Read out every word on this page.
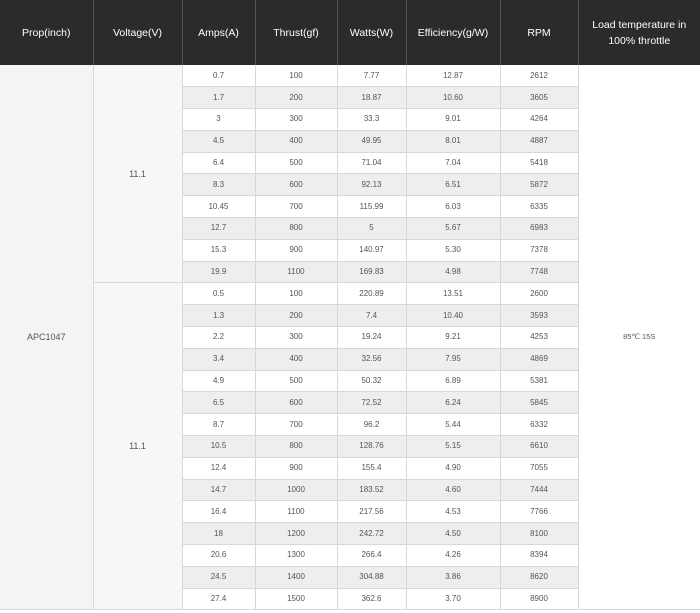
Prop(inch)	Voltage(V)	Amps(A)	Thrust(gf)	Watts(W)	Efficiency(g/W)	RPM	Load temperature in 100% throttle
APC1047	11.1	0.7	100	7.77	12.87	2612	85℃ 15S
		1.7	200	18.87	10.60	3605	
		3	300	33.3	9.01	4264	
		4.5	400	49.95	8.01	4887	
		6.4	500	71.04	7.04	5418	
		8.3	600	92.13	6.51	5872	
		10.45	700	115.99	6.03	6335	
		12.7	800	5	5.67	6983	
		15.3	900	140.97	5.30	7378	
		19.9	1100	169.83	4.98	7748	
	11.1	0.5	100	220.89	13.51	2600	
		1.3	200	7.4	10.40	3593	
		2.2	300	19.24	9.21	4253	
		3.4	400	32.56	7.95	4869	
		4.9	500	50.32	6.89	5381	
		6.5	600	72.52	6.24	5845	
		8.7	700	96.2	5.44	6332	
		10.5	800	128.76	5.15	6610	
		12.4	900	155.4	4.90	7055	
		14.7	1000	183.52	4.60	7444	
		16.4	1100	217.56	4.53	7766	
		18	1200	242.72	4.50	8100	
		20.6	1300	266.4	4.26	8394	
		24.5	1400	304.88	3.86	8620	
		27.4	1500	362.6	3.70	8900	
